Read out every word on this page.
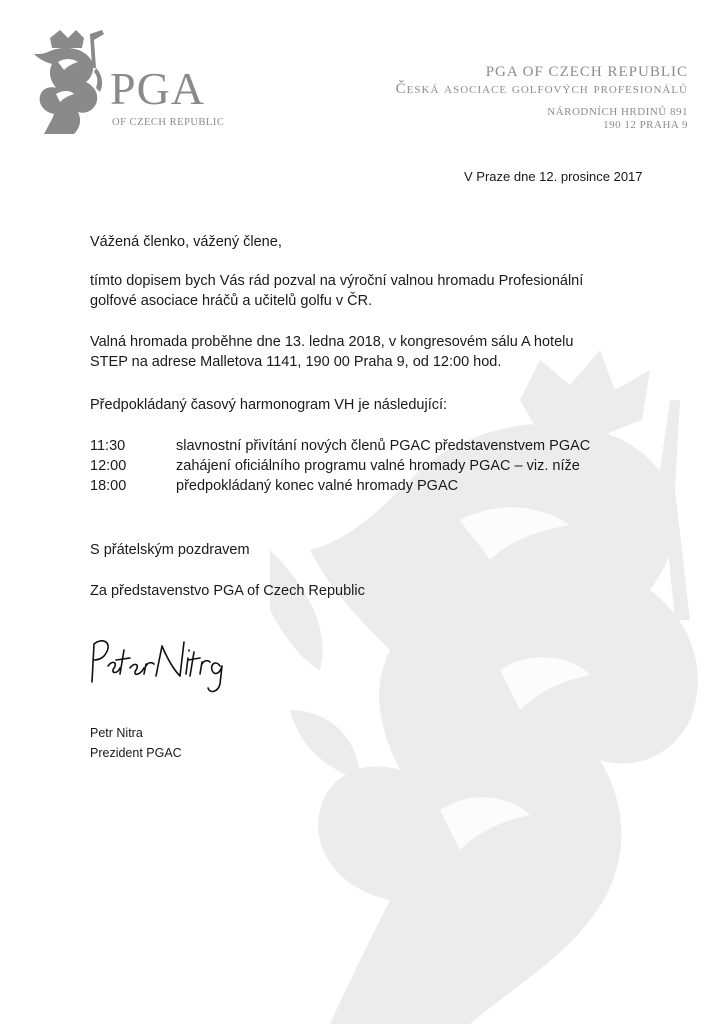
PGA
OF CZECH REPUBLIC
PGA OF CZECH REPUBLIC
Česká asociace golfových profesionálů
NÁRODNÍCH HRDINŮ 891
190 12 PRAHA 9
V Praze dne 12. prosince 2017
Vážená členko, vážený člene,
tímto dopisem bych Vás rád pozval na výroční valnou hromadu Profesionální
golfové asociace hráčů a učitelů golfu v ČR.
Valná hromada proběhne dne 13. ledna 2018, v kongresovém sálu A hotelu
STEP na adrese Malletova 1141, 190 00 Praha 9, od 12:00 hod.
Předpokládaný časový harmonogram VH je následující:
11:30	slavnostní přivítání nových členů PGAC představenstvem PGAC
12:00	zahájení oficiálního programu valné hromady PGAC – viz. níže
18:00	předpokládaný konec valné hromady PGAC
S přátelským pozdravem
Za představenstvo PGA of Czech Republic
Petr Nitra
Prezident PGAC
